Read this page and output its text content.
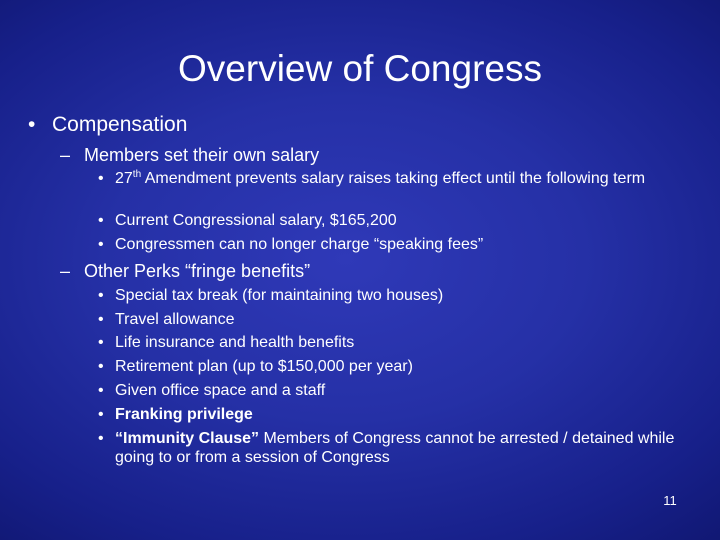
Overview of Congress
• Compensation
– Members set their own salary
• 27th Amendment prevents salary raises taking effect until the following term
• Current Congressional salary, $165,200
• Congressmen can no longer charge “speaking fees”
– Other Perks “fringe benefits”
• Special tax break (for maintaining two houses)
• Travel allowance
• Life insurance and health benefits
• Retirement plan (up to $150,000 per year)
• Given office space and a staff
• Franking privilege
• “Immunity Clause” Members of Congress cannot be arrested / detained while going to or from a session of Congress
11
